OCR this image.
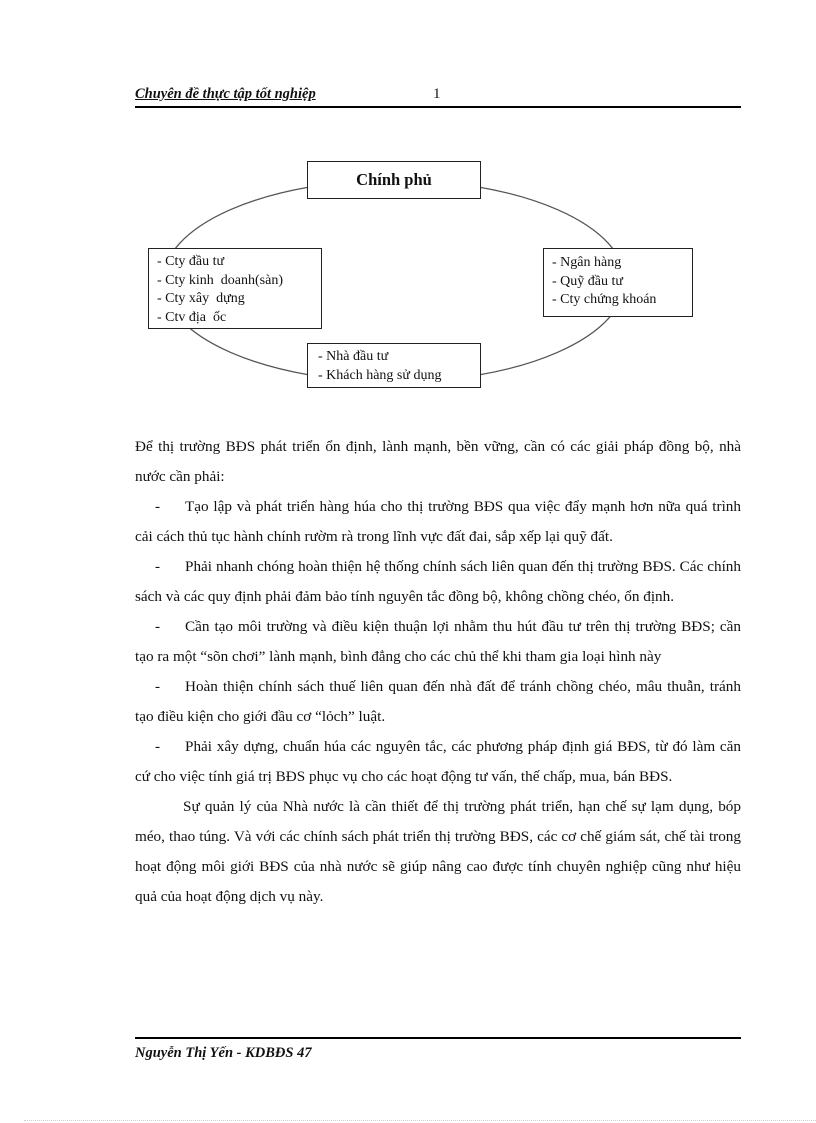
Chuyên đề thực tập tốt nghiệp	1
Chính phủ
- Cty đầu tư
- Cty kinh  doanh(sàn)
- Cty xây  dựng
- Ctv địa  ốc
- Ngân hàng
- Quỹ đầu tư
- Cty chứng khoán
- Nhà đầu tư
- Khách hàng sử dụng

Để thị trường BĐS phát triển ổn định, lành mạnh, bền vững, cần có các giải pháp đồng bộ, nhà nước cần phải:

- Tạo lập và phát triển hàng húa cho thị trường BĐS qua việc đẩy mạnh hơn nữa quá trình cải cách thủ tục hành chính rườm rà trong lĩnh vực đất đai, sắp xếp lại quỹ đất.

- Phải nhanh chóng hoàn thiện hệ thống chính sách liên quan đến thị trường BĐS. Các chính sách và các quy định phải đảm bảo tính nguyên tắc đồng bộ, không chồng chéo, ổn định.

- Cần tạo môi trường và điều kiện thuận lợi nhằm thu hút đầu tư trên thị trường BĐS; cần tạo ra một “sõn chơi” lành mạnh, bình đẳng cho các chủ thể khi tham gia loại hình này

- Hoàn thiện chính sách thuế liên quan đến nhà đất để tránh chồng chéo, mâu thuẫn, tránh tạo điều kiện cho giới đầu cơ “lỏch” luật.

- Phải xây dựng, chuẩn húa các nguyên tắc, các phương pháp định giá BĐS, từ đó làm căn cứ cho việc tính giá trị BĐS phục vụ cho các hoạt động tư vấn, thế chấp, mua, bán BĐS.

Sự quản lý của Nhà nước là cần thiết để thị trường phát triển, hạn chế sự lạm dụng, bóp méo, thao túng. Và với các chính sách phát triển thị trường BĐS, các cơ chế giám sát, chế tài trong hoạt động môi giới BĐS của nhà nước sẽ giúp nâng cao được tính chuyên nghiệp cũng như hiệu quả của hoạt động dịch vụ này.

Nguyễn Thị Yến - KDBĐS 47
